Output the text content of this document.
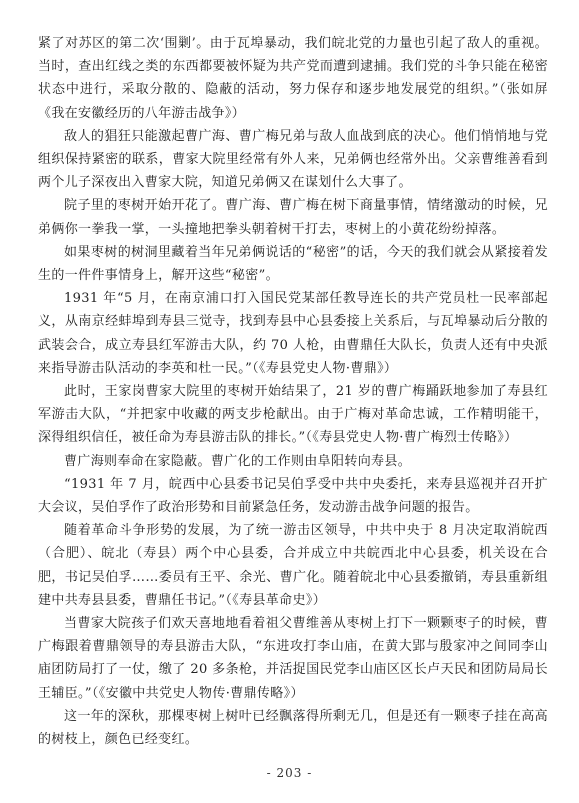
紧了对苏区的第二次‘围剿’。由于瓦埠暴动，我们皖北党的力量也引起了敌人的重视。当时，查出红线之类的东西都要被怀疑为共产党而遭到逮捕。我们党的斗争只能在秘密状态中进行，采取分散的、隐蔽的活动，努力保存和逐步地发展党的组织。”（张如屏《我在安徽经历的八年游击战争》）

敌人的猖狂只能激起曹广海、曹广梅兄弟与敌人血战到底的决心。他们悄悄地与党组织保持紧密的联系，曹家大院里经常有外人来，兄弟俩也经常外出。父亲曹维善看到两个儿子深夜出入曹家大院，知道兄弟俩又在谋划什么大事了。

院子里的枣树开始开花了。曹广海、曹广梅在树下商量事情，情绪激动的时候，兄弟俩你一拳我一掌，一头撞地把拳头朝着树干打去，枣树上的小黄花纷纷掉落。

如果枣树的树洞里藏着当年兄弟俩说话的“秘密”的话，今天的我们就会从紧接着发生的一件件事情身上，解开这些“秘密”。

1931 年“5 月，在南京浦口打入国民党某部任教导连长的共产党员杜一民率部起义，从南京经蚌埠到寿县三觉寺，找到寿县中心县委接上关系后，与瓦埠暴动后分散的武装会合，成立寿县红军游击大队，约 70 人枪，由曹鼎任大队长，负责人还有中央派来指导游击队活动的李英和杜一民。”（《寿县党史人物·曹鼎》）

此时，王家岗曹家大院里的枣树开始结果了，21 岁的曹广梅踊跃地参加了寿县红军游击大队，“并把家中收藏的两支步枪献出。由于广梅对革命忠诚，工作精明能干，深得组织信任，被任命为寿县游击队的排长。”（《寿县党史人物·曹广梅烈士传略》）

曹广海则奉命在家隐蔽。曹广化的工作则由阜阳转向寿县。

“1931 年 7 月，皖西中心县委书记吴伯孚受中共中央委托，来寿县巡视并召开扩大会议，吴伯孚作了政治形势和目前紧急任务，发动游击战争问题的报告。

随着革命斗争形势的发展，为了统一游击区领导，中共中央于 8 月决定取消皖西（合肥）、皖北（寿县）两个中心县委，合并成立中共皖西北中心县委，机关设在合肥，书记吴伯孚……委员有王平、余光、曹广化。随着皖北中心县委撤销，寿县重新组建中共寿县县委，曹鼎任书记。”（《寿县革命史》）

当曹家大院孩子们欢天喜地地看着祖父曹维善从枣树上打下一颗颗枣子的时候，曹广梅跟着曹鼎领导的寿县游击大队，“东进攻打李山庙，在黄大郢与殷家冲之间同李山庙团防局打了一仗，缴了 20 多条枪，并活捉国民党李山庙区区长卢天民和团防局局长王辅臣。”（《安徽中共党史人物传·曹鼎传略》）

这一年的深秋，那棵枣树上树叶已经飘落得所剩无几，但是还有一颗枣子挂在高高的树枝上，颜色已经变红。

- 203 -
